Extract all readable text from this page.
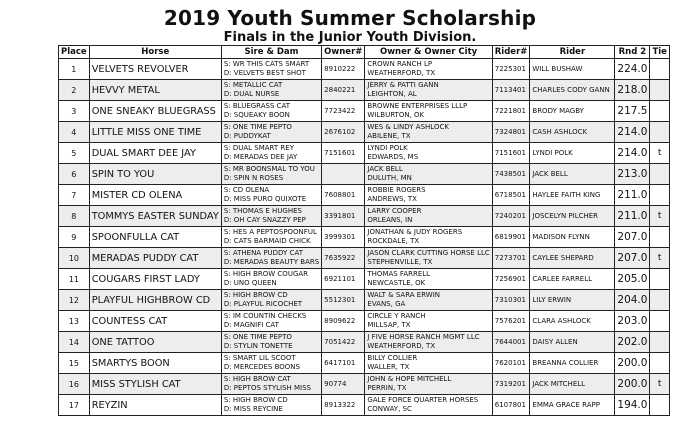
2019 Youth Summer Scholarship
Finals in the Junior Youth Division.
Place	Horse	Sire & Dam	Owner#	Owner & Owner City	Rider#	Rider	Rnd 2	Tie
1	VELVETS REVOLVER	S: WR THIS CATS SMART
D: VELVETS BEST SHOT	8910222	CROWN RANCH LP
WEATHERFORD, TX	7225301	WILL BUSHAW	224.0	
2	HEVVY METAL	S: METALLIC CAT
D: DUAL NURSE	2840221	JERRY & PATTI GANN
LEIGHTON, AL	7113401	CHARLES CODY GANN	218.0	
3	ONE SNEAKY BLUEGRASS	S: BLUEGRASS CAT
D: SQUEAKY BOON	7723422	BROWNE ENTERPRISES LLLP
WILBURTON, OK	7221801	BRODY MAGBY	217.5	
4	LITTLE MISS ONE TIME	S: ONE TIME PEPTO
D: PUDDYKAT	2676102	WES & LINDY ASHLOCK
ABILENE, TX	7324801	CASH ASHLOCK	214.0	
5	DUAL SMART DEE JAY	S: DUAL SMART REY
D: MERADAS DEE JAY	7151601	LYNDI POLK
EDWARDS, MS	7151601	LYNDI POLK	214.0	t
6	SPIN TO YOU	S: MR BOONSMAL TO YOU
D: SPIN N ROSES		JACK BELL
DULUTH, MN	7438501	JACK BELL	213.0	
7	MISTER CD OLENA	S: CD OLENA
D: MISS PURO QUIXOTE	7608801	ROBBIE ROGERS
ANDREWS, TX	6718501	HAYLEE FAITH KING	211.0	
8	TOMMYS EASTER SUNDAY	S: THOMAS E HUGHES
D: OH CAY SNAZZY PEP	3391801	LARRY COOPER
ORLEANS, IN	7240201	JOSCELYN PILCHER	211.0	t
9	SPOONFULLA CAT	S: HES A PEPTOSPOONFUL
D: CATS BARMAID CHICK	3999301	JONATHAN & JUDY ROGERS
ROCKDALE, TX	6819901	MADISON FLYNN	207.0	
10	MERADAS PUDDY CAT	S: ATHENA PUDDY CAT
D: MERADAS BEAUTY BARS	7635922	JASON CLARK CUTTING HORSE LLC
STEPHENVILLE, TX	7273701	CAYLEE SHEPARD	207.0	t
11	COUGARS FIRST LADY	S: HIGH BROW COUGAR
D: UNO QUEEN	6921101	THOMAS FARRELL
NEWCASTLE, OK	7256901	CARLEE FARRELL	205.0	
12	PLAYFUL HIGHBROW CD	S: HIGH BROW CD
D: PLAYFUL RICOCHET	5512301	WALT & SARA ERWIN
EVANS, GA	7310301	LILY ERWIN	204.0	
13	COUNTESS CAT	S: IM COUNTIN CHECKS
D: MAGNIFI CAT	8909622	CIRCLE Y RANCH
MILLSAP, TX	7576201	CLARA ASHLOCK	203.0	
14	ONE TATTOO	S: ONE TIME PEPTO
D: STYLIN TONETTE	7051422	J FIVE HORSE RANCH MGMT LLC
WEATHERFORD, TX	7644001	DAISY ALLEN	202.0	
15	SMARTYS BOON	S: SMART LIL SCOOT
D: MERCEDES BOONS	6417101	BILLY COLLIER
WALLER, TX	7620101	BREANNA COLLIER	200.0	
16	MISS STYLISH CAT	S: HIGH BROW CAT
D: PEPTOS STYLISH MISS	90774	JOHN & HOPE MITCHELL
PERRIN, TX	7319201	JACK MITCHELL	200.0	t
17	REYZIN	S: HIGH BROW CD
D: MISS REYCINE	8913322	GALE FORCE QUARTER HORSES
CONWAY, SC	6107801	EMMA GRACE RAPP	194.0	
